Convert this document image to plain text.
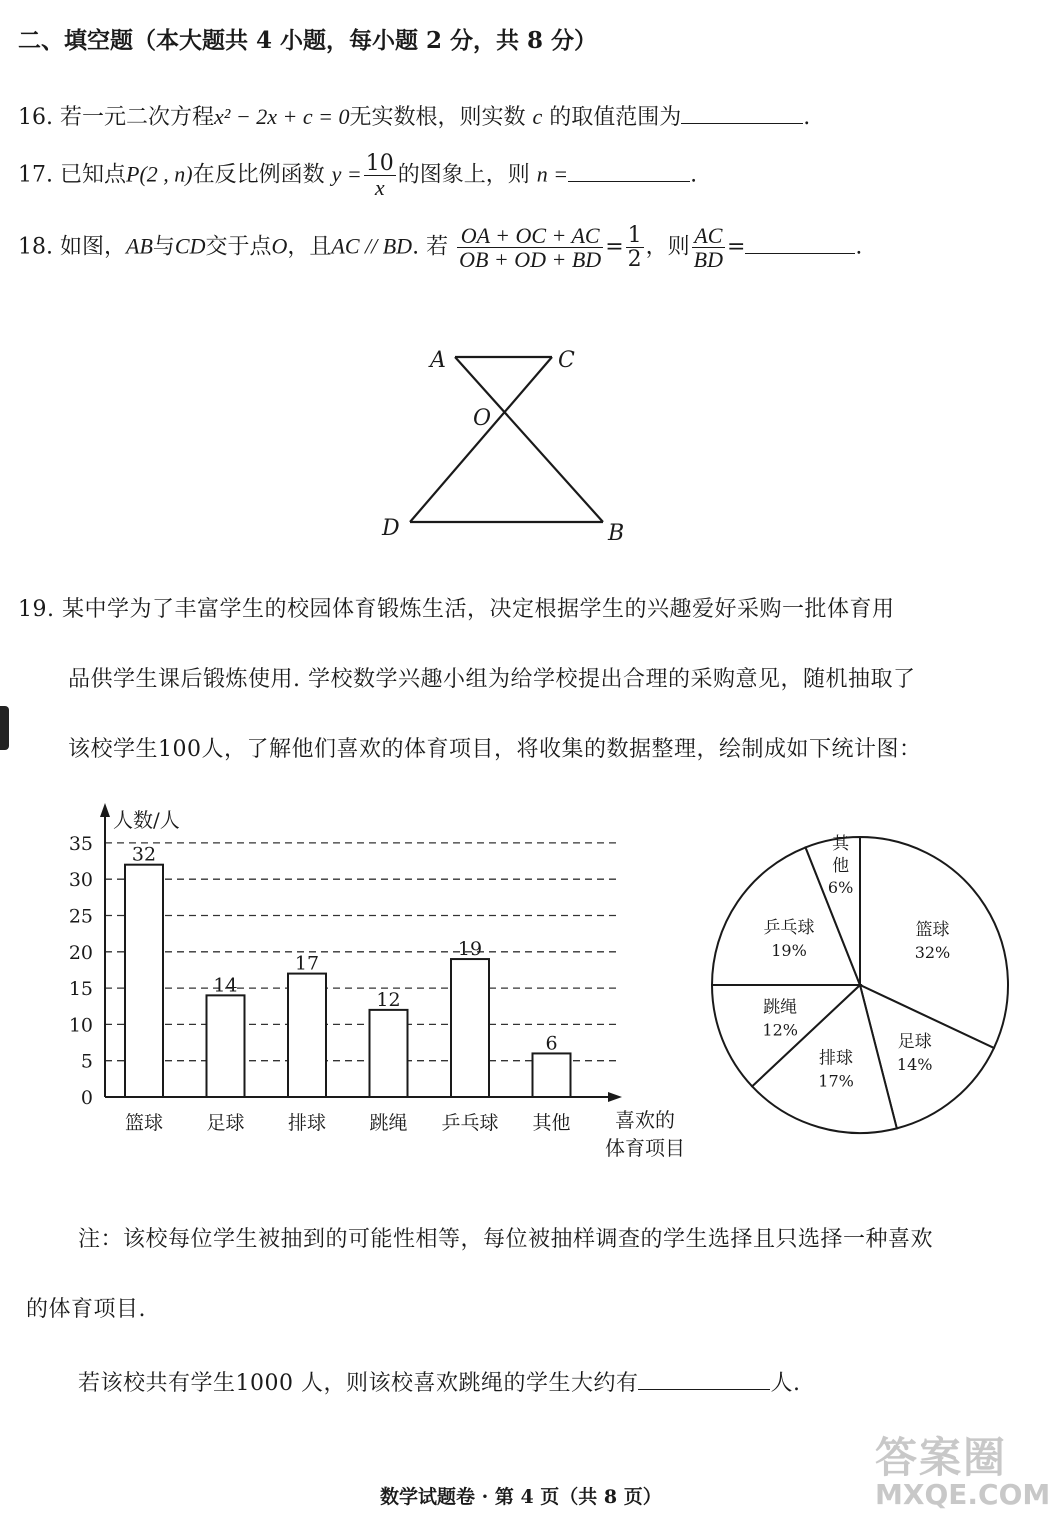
二、填空题（本大题共 4 小题，每小题 2 分，共 8 分）
16. 若一元二次方程x² − 2x + c = 0无实数根，则实数 c 的取值范围为	.
17. 已知点P(2 , n)在反比例函数 $y = \frac{10}{x}$ 的图象上，则 n =	.
18. 如图，AB与CD交于点O，且AC // BD. 若 $\frac{OA + OC + AC}{OB + OD + BD} = \frac{1}{2}$ ，则 $\frac{AC}{BD}$ =	.
A	C
O
D	B
19. 某中学为了丰富学生的校园体育锻炼生活，决定根据学生的兴趣爱好采购一批体育用
品供学生课后锻炼使用. 学校数学兴趣小组为给学校提出合理的采购意见，随机抽取了
该校学生100人，了解他们喜欢的体育项目，将收集的数据整理，绘制成如下统计图：
0
5
10
15
20
25
30
35
人数/人
喜欢的
体育项目
32
篮球
14
足球
17
排球
12
跳绳
19
乒乓球
6
其他
篮球
32%
足球
14%
排球
17%
跳绳
12%
乒乓球
19%
其
他
6%
注：该校每位学生被抽到的可能性相等，每位被抽样调查的学生选择且只选择一种喜欢
的体育项目.
若该校共有学生1000 人，则该校喜欢跳绳的学生大约有	人.
数学试题卷 · 第 4 页（共 8 页）
答案圈
MXQE.COM
